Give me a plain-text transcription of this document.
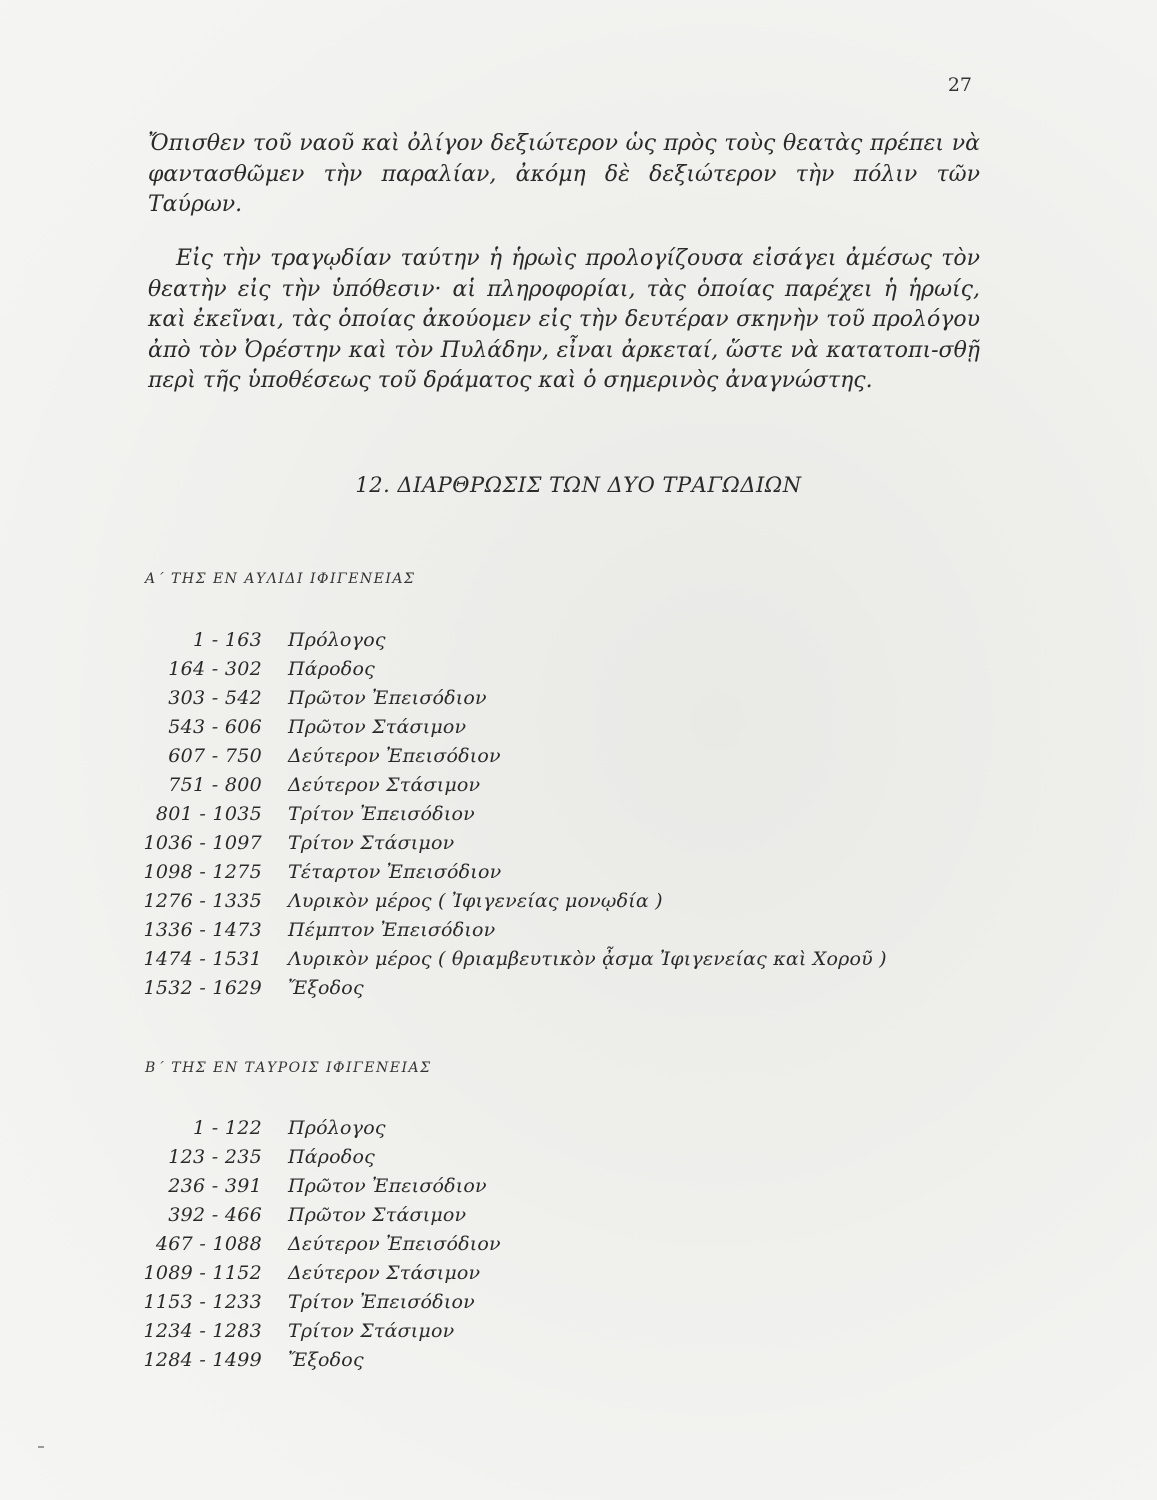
27

Ὄπισθεν τοῦ ναοῦ καὶ ὀλίγον δεξιώτερον ὡς πρὸς τοὺς θεατὰς πρέπει νὰ φαντασθῶμεν τὴν παραλίαν, ἀκόμη δὲ δεξιώτερον τὴν πόλιν τῶν Ταύρων.

Εἰς τὴν τραγῳδίαν ταύτην ἡ ἡρωὶς προλογίζουσα εἰσάγει ἀμέσως τὸν θεατὴν εἰς τὴν ὑπόθεσιν· αἱ πληροφορίαι, τὰς ὁποίας παρέχει ἡ ἡρωίς, καὶ ἐκεῖναι, τὰς ὁποίας ἀκούομεν εἰς τὴν δευτέραν σκηνὴν τοῦ προλόγου ἀπὸ τὸν Ὀρέστην καὶ τὸν Πυλάδην, εἶναι ἀρκεταί, ὥστε νὰ κατατοπι-σθῇ περὶ τῆς ὑποθέσεως τοῦ δράματος καὶ ὁ σημερινὸς ἀναγνώστης.

12. ΔΙΑΡΘΡΩΣΙΣ ΤΩΝ ΔΥΟ ΤΡΑΓΩΔΙΩΝ
Α΄ ΤΗΣ ΕΝ ΑΥΛΙΔΙ ΙΦΙΓΕΝΕΙΑΣ
1 - 163 Πρόλογος
164 - 302 Πάροδος
303 - 542 Πρῶτον Ἐπεισόδιον
543 - 606 Πρῶτον Στάσιμον
607 - 750 Δεύτερον Ἐπεισόδιον
751 - 800 Δεύτερον Στάσιμον
801 - 1035 Τρίτον Ἐπεισόδιον
1036 - 1097 Τρίτον Στάσιμον
1098 - 1275 Τέταρτον Ἐπεισόδιον
1276 - 1335 Λυρικὸν μέρος ( Ἰφιγενείας μονῳδία )
1336 - 1473 Πέμπτον Ἐπεισόδιον
1474 - 1531 Λυρικὸν μέρος ( θριαμβευτικὸν ᾆσμα Ἰφιγενείας καὶ Χοροῦ )
1532 - 1629 Ἔξοδος
Β΄ ΤΗΣ ΕΝ ΤΑΥΡΟΙΣ ΙΦΙΓΕΝΕΙΑΣ
1 - 122 Πρόλογος
123 - 235 Πάροδος
236 - 391 Πρῶτον Ἐπεισόδιον
392 - 466 Πρῶτον Στάσιμον
467 - 1088 Δεύτερον Ἐπεισόδιον
1089 - 1152 Δεύτερον Στάσιμον
1153 - 1233 Τρίτον Ἐπεισόδιον
1234 - 1283 Τρίτον Στάσιμον
1284 - 1499 Ἔξοδος
